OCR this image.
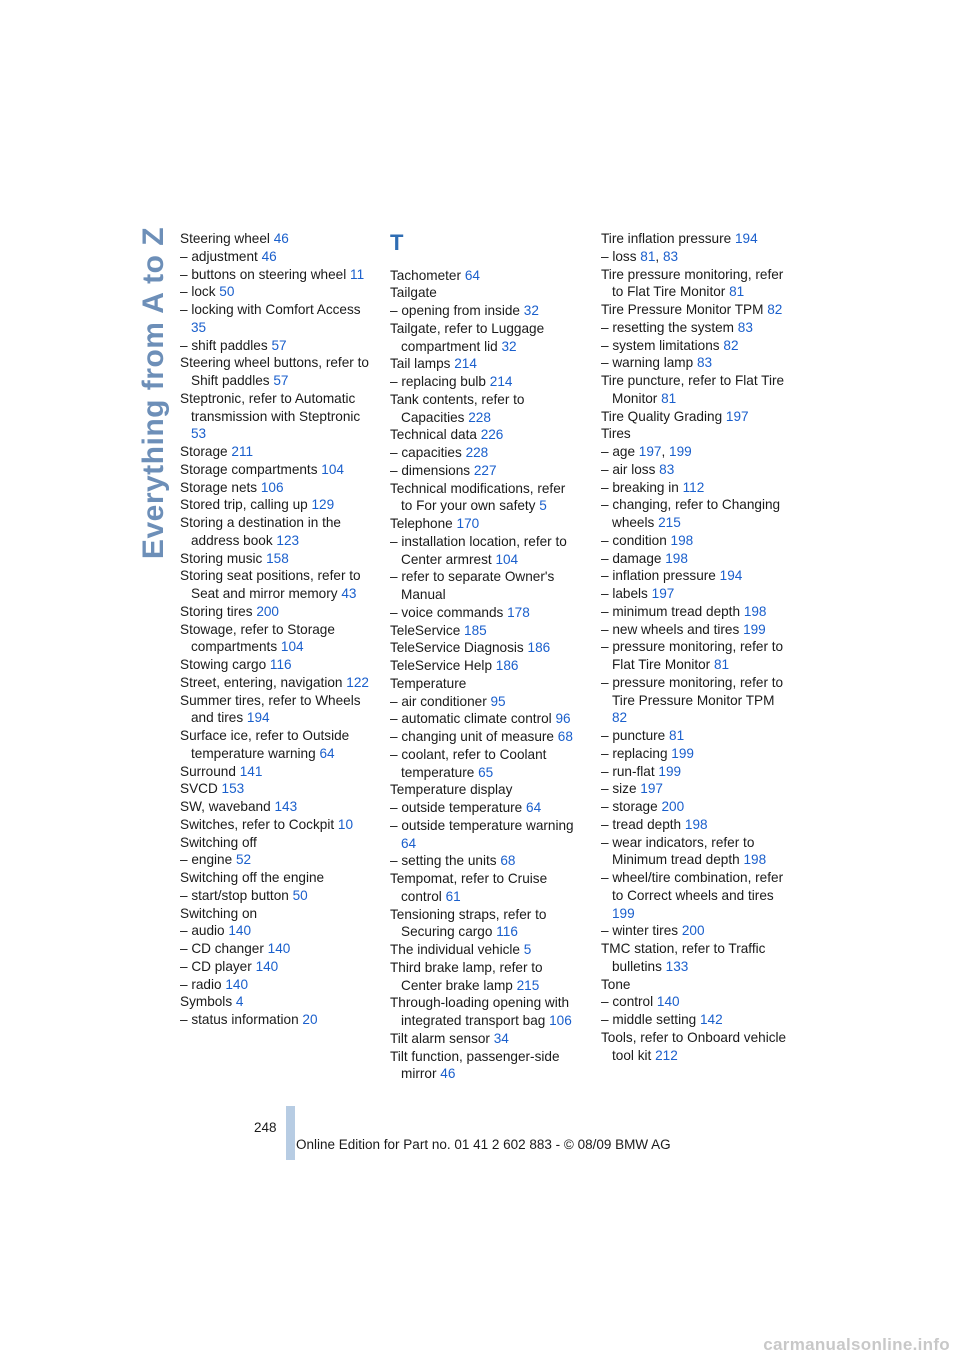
Everything from A to Z Steering wheel 46
– adjustment 46
– buttons on steering wheel 11
– lock 50
– locking with Comfort Access 35
– shift paddles 57
Steering wheel buttons, refer to Shift paddles 57
Steptronic, refer to Automatic transmission with Steptronic 53
Storage 211
Storage compartments 104
Storage nets 106
Stored trip, calling up 129
Storing a destination in the address book 123
Storing music 158
Storing seat positions, refer to Seat and mirror memory 43
Storing tires 200
Stowage, refer to Storage compartments 104
Stowing cargo 116
Street, entering, navigation 122
Summer tires, refer to Wheels and tires 194
Surface ice, refer to Outside temperature warning 64
Surround 141
SVCD 153
SW, waveband 143
Switches, refer to Cockpit 10
Switching off
– engine 52
Switching off the engine
– start/stop button 50
Switching on
– audio 140
– CD changer 140
– CD player 140
– radio 140
Symbols 4
– status information 20
T
Tachometer 64
Tailgate
– opening from inside 32
Tailgate, refer to Luggage compartment lid 32
Tail lamps 214
– replacing bulb 214
Tank contents, refer to Capacities 228
Technical data 226
– capacities 228
– dimensions 227
Technical modifications, refer to For your own safety 5
Telephone 170
– installation location, refer to Center armrest 104
– refer to separate Owner's Manual
– voice commands 178
TeleService 185
TeleService Diagnosis 186
TeleService Help 186
Temperature
– air conditioner 95
– automatic climate control 96
– changing unit of measure 68
– coolant, refer to Coolant temperature 65
Temperature display
– outside temperature 64
– outside temperature warning 64
– setting the units 68
Tempomat, refer to Cruise control 61
Tensioning straps, refer to Securing cargo 116
The individual vehicle 5
Third brake lamp, refer to Center brake lamp 215
Through-loading opening with integrated transport bag 106
Tilt alarm sensor 34
Tilt function, passenger-side mirror 46
Tire inflation pressure 194
– loss 81, 83
Tire pressure monitoring, refer to Flat Tire Monitor 81
Tire Pressure Monitor TPM 82
– resetting the system 83
– system limitations 82
– warning lamp 83
Tire puncture, refer to Flat Tire Monitor 81
Tire Quality Grading 197
Tires
– age 197, 199
– air loss 83
– breaking in 112
– changing, refer to Changing wheels 215
– condition 198
– damage 198
– inflation pressure 194
– labels 197
– minimum tread depth 198
– new wheels and tires 199
– pressure monitoring, refer to Flat Tire Monitor 81
– pressure monitoring, refer to Tire Pressure Monitor TPM 82
– puncture 81
– replacing 199
– run-flat 199
– size 197
– storage 200
– tread depth 198
– wear indicators, refer to Minimum tread depth 198
– wheel/tire combination, refer to Correct wheels and tires 199
– winter tires 200
TMC station, refer to Traffic bulletins 133
Tone
– control 140
– middle setting 142
Tools, refer to Onboard vehicle tool kit 212
248
Online Edition for Part no. 01 41 2 602 883 - © 08/09 BMW AG
carmanualsonline.info
